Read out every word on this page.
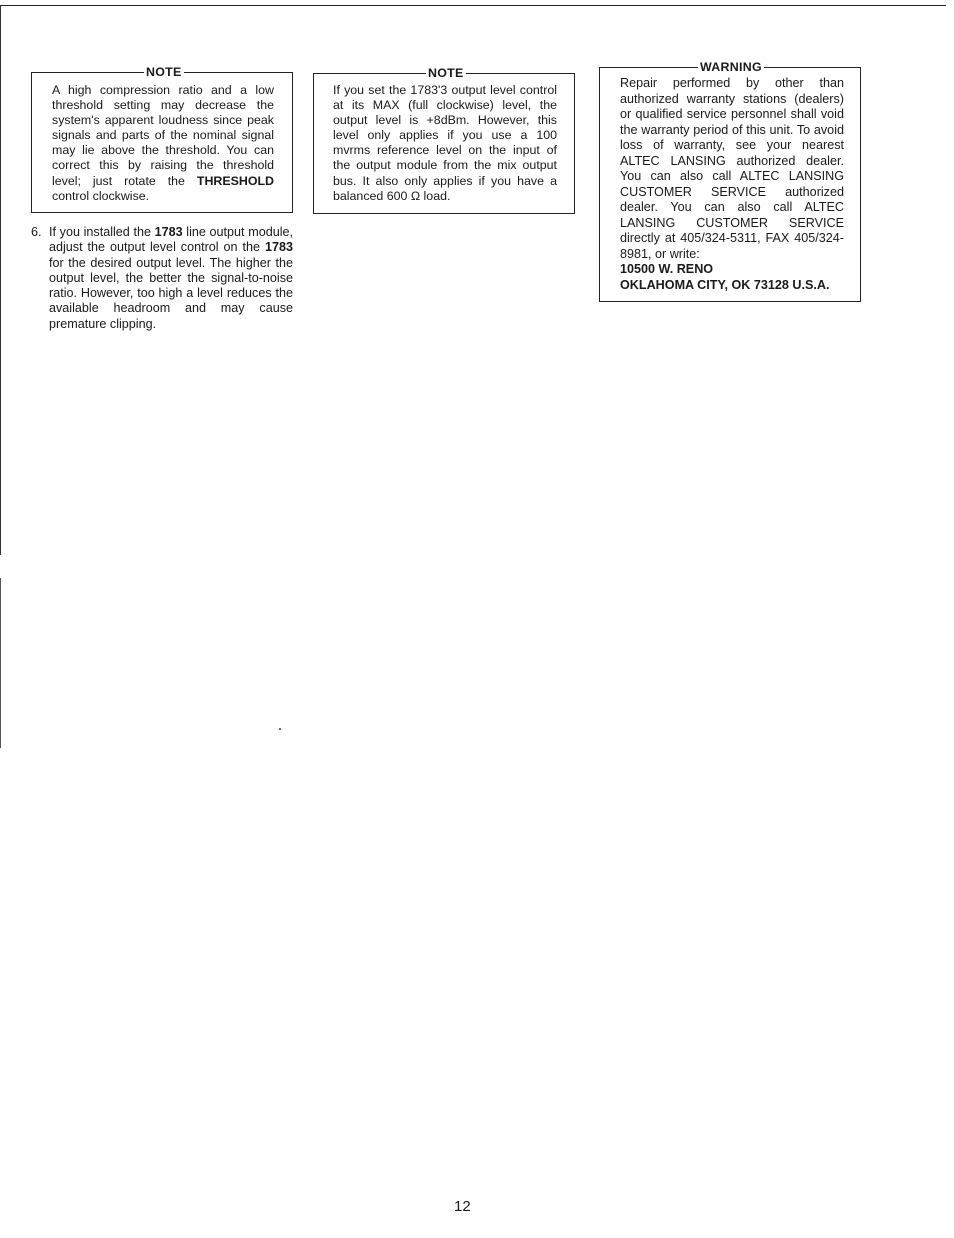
NOTE
A high compression ratio and a low threshold setting may decrease the system's apparent loudness since peak signals and parts of the nominal signal may lie above the threshold. You can correct this by raising the threshold level; just rotate the THRESHOLD control clockwise.
NOTE
If you set the 1783'3 output level control at its MAX (full clockwise) level, the output level is +8dBm. However, this level only applies if you use a 100 mvrms reference level on the input of the output module from the mix output bus. It also only applies if you have a balanced 600 Ω load.
WARNING
Repair performed by other than authorized warranty stations (dealers) or qualified service personnel shall void the warranty period of this unit. To avoid loss of warranty, see your nearest ALTEC LANSING authorized dealer. You can also call ALTEC LANSING CUSTOMER SERVICE authorized dealer. You can also call ALTEC LANSING CUSTOMER SERVICE directly at 405/324-5311, FAX 405/324-8981, or write:
10500 W. RENO
OKLAHOMA CITY, OK 73128 U.S.A.
6. If you installed the 1783 line output module, adjust the output level control on the 1783 for the desired output level. The higher the output level, the better the signal-to-noise ratio. However, too high a level reduces the available headroom and may cause premature clipping.
12
